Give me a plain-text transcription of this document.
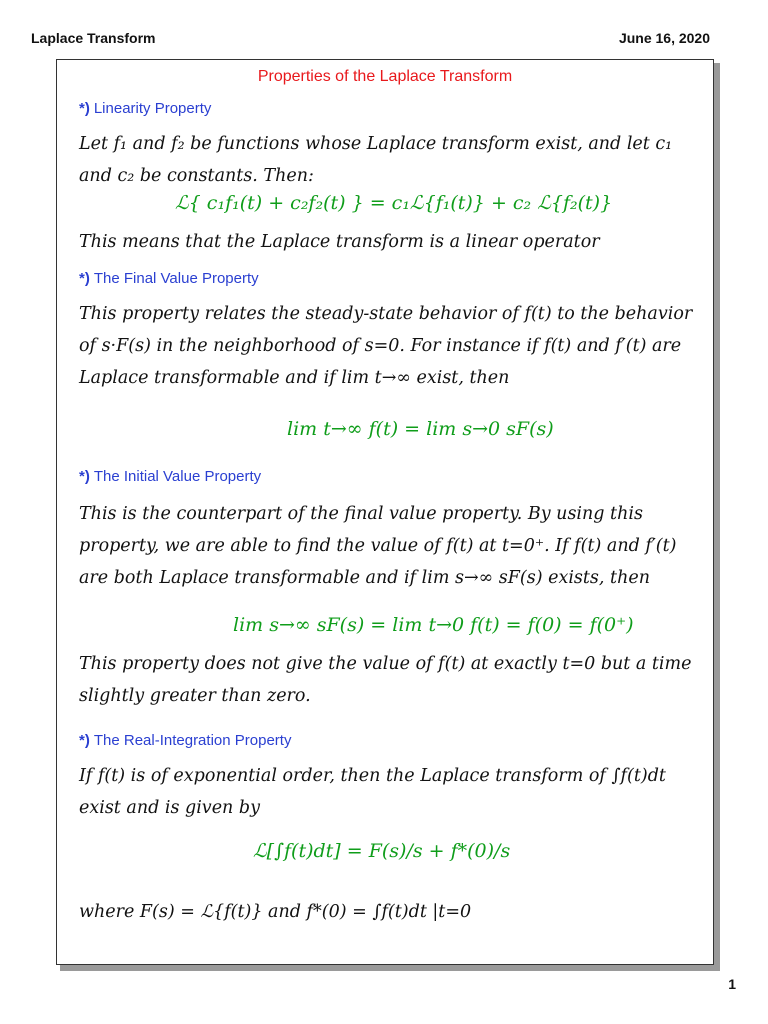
Laplace Transform	June 16, 2020
Properties of the Laplace Transform
*) Linearity Property
Let f₁ and f₂ be functions whose Laplace transform exist, and let c₁ and c₂ be constants. Then:
ℒ{ c₁f₁(t) + c₂f₂(t) } = c₁ℒ{f₁(t)} + c₂ ℒ{f₂(t)}
This means that the Laplace transform is a linear operator
*) The Final Value Property
This property relates the steady-state behavior of f(t) to the behavior of s·F(s) in the neighborhood of s=0. For instance if f(t) and f′(t) are Laplace transformable and if lim t→∞ exist, then
lim t→∞ f(t) = lim s→0 sF(s)
*) The Initial Value Property
This is the counterpart of the final value property. By using this property, we are able to find the value of f(t) at t=0⁺. If f(t) and f′(t) are both Laplace transformable and if lim s→∞ sF(s) exists, then
lim s→∞ sF(s) = lim t→0 f(t) = f(0) = f(0⁺)
This property does not give the value of f(t) at exactly t=0 but a time slightly greater than zero.
*) The Real-Integration Property
If f(t) is of exponential order, then the Laplace transform of ∫f(t)dt exist and is given by
ℒ[∫f(t)dt] = F(s)/s + f*(0)/s
where F(s) = ℒ{f(t)} and f*(0) = ∫f(t)dt |t=0
1
